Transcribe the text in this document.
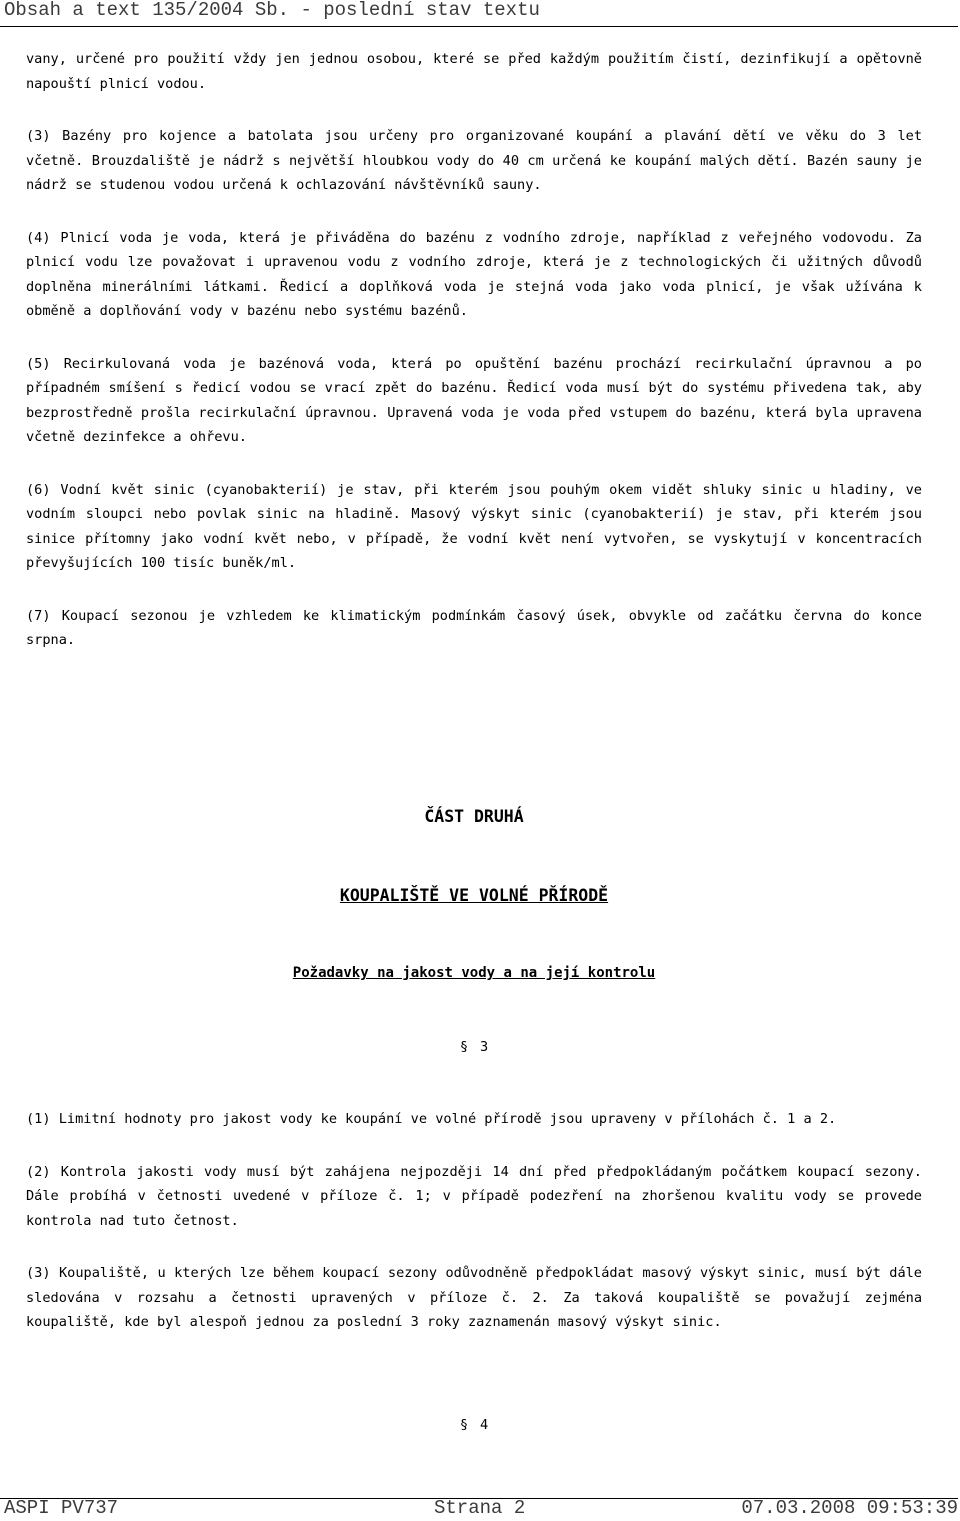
Obsah a text 135/2004 Sb. - poslední stav textu

vany, určené pro použití vždy jen jednou osobou, které se před každým použitím čistí, dezinfikují a opětovně napouští plnicí vodou.

(3) Bazény pro kojence a batolata jsou určeny pro organizované koupání a plavání dětí ve věku do 3 let včetně. Brouzdaliště je nádrž s největší hloubkou vody do 40 cm určená ke koupání malých dětí. Bazén sauny je nádrž se studenou vodou určená k ochlazování návštěvníků sauny.

(4) Plnicí voda je voda, která je přiváděna do bazénu z vodního zdroje, například z veřejného vodovodu. Za plnicí vodu lze považovat i upravenou vodu z vodního zdroje, která je z technologických či užitných důvodů doplněna minerálními látkami. Ředicí a doplňková voda je stejná voda jako voda plnicí, je však užívána k obměně a doplňování vody v bazénu nebo systému bazénů.

(5) Recirkulovaná voda je bazénová voda, která po opuštění bazénu prochází recirkulační úpravnou a po případném smíšení s ředicí vodou se vrací zpět do bazénu. Ředicí voda musí být do systému přivedena tak, aby bezprostředně prošla recirkulační úpravnou. Upravená voda je voda před vstupem do bazénu, která byla upravena včetně dezinfekce a ohřevu.

(6) Vodní květ sinic (cyanobakterií) je stav, při kterém jsou pouhým okem vidět shluky sinic u hladiny, ve vodním sloupci nebo povlak sinic na hladině. Masový výskyt sinic (cyanobakterií) je stav, při kterém jsou sinice přítomny jako vodní květ nebo, v případě, že vodní květ není vytvořen, se vyskytují v koncentracích převyšujících 100 tisíc buněk/ml.

(7) Koupací sezonou je vzhledem ke klimatickým podmínkám časový úsek, obvykle od začátku června do konce srpna.

ČÁST DRUHÁ
KOUPALIŠTĚ VE VOLNÉ PŘÍRODĚ
Požadavky na jakost vody a na její kontrolu
§ 3

(1) Limitní hodnoty pro jakost vody ke koupání ve volné přírodě jsou upraveny v přílohách č. 1 a 2.

(2) Kontrola jakosti vody musí být zahájena nejpozději 14 dní před předpokládaným počátkem koupací sezony. Dále probíhá v četnosti uvedené v příloze č. 1; v případě podezření na zhoršenou kvalitu vody se provede kontrola nad tuto četnost.

(3) Koupaliště, u kterých lze během koupací sezony odůvodněně předpokládat masový výskyt sinic, musí být dále sledována v rozsahu a četnosti upravených v příloze č. 2. Za taková koupaliště se považují zejména koupaliště, kde byl alespoň jednou za poslední 3 roky zaznamenán masový výskyt sinic.

§ 4
ASPI PV737	Strana 2	07.03.2008 09:53:39
